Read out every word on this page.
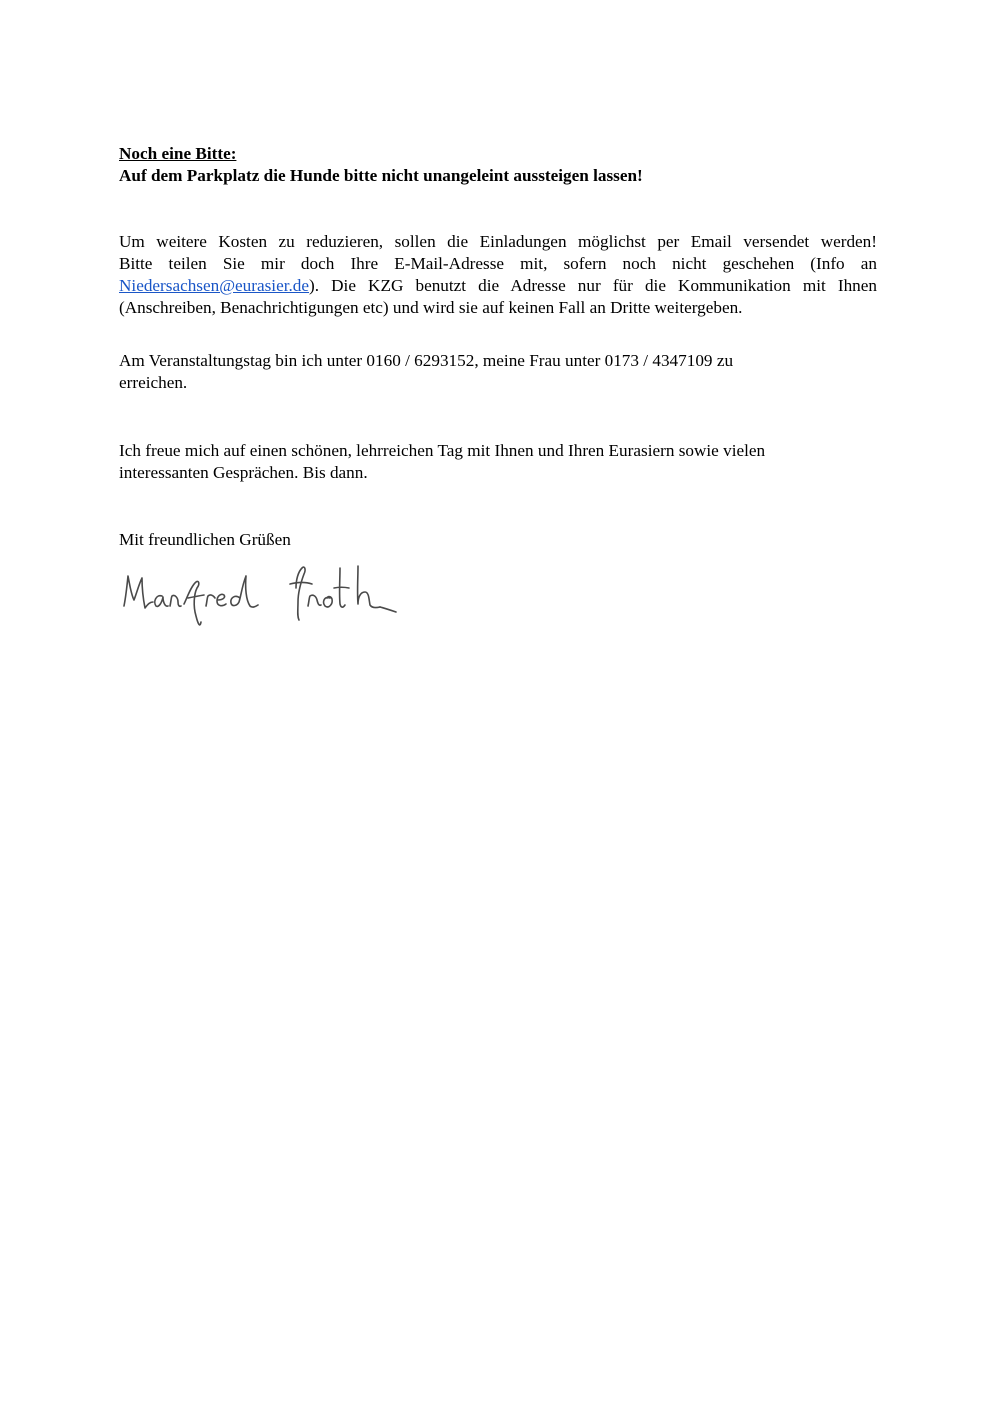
Noch eine Bitte:
Auf dem Parkplatz die Hunde bitte nicht unangeleint aussteigen lassen!
Um weitere Kosten zu reduzieren, sollen die Einladungen möglichst per Email versendet werden!
Bitte teilen Sie mir doch Ihre E-Mail-Adresse mit, sofern noch nicht geschehen (Info an
Niedersachsen@eurasier.de). Die KZG benutzt die Adresse nur für die Kommunikation mit Ihnen
(Anschreiben, Benachrichtigungen etc) und wird sie auf keinen Fall an Dritte weitergeben.
Am Veranstaltungstag bin ich unter 0160 / 6293152, meine Frau unter 0173 / 4347109 zu
erreichen.
Ich freue mich auf einen schönen, lehrreichen Tag mit Ihnen und Ihren Eurasiern sowie vielen
interessanten Gesprächen. Bis dann.
Mit freundlichen Grüßen
